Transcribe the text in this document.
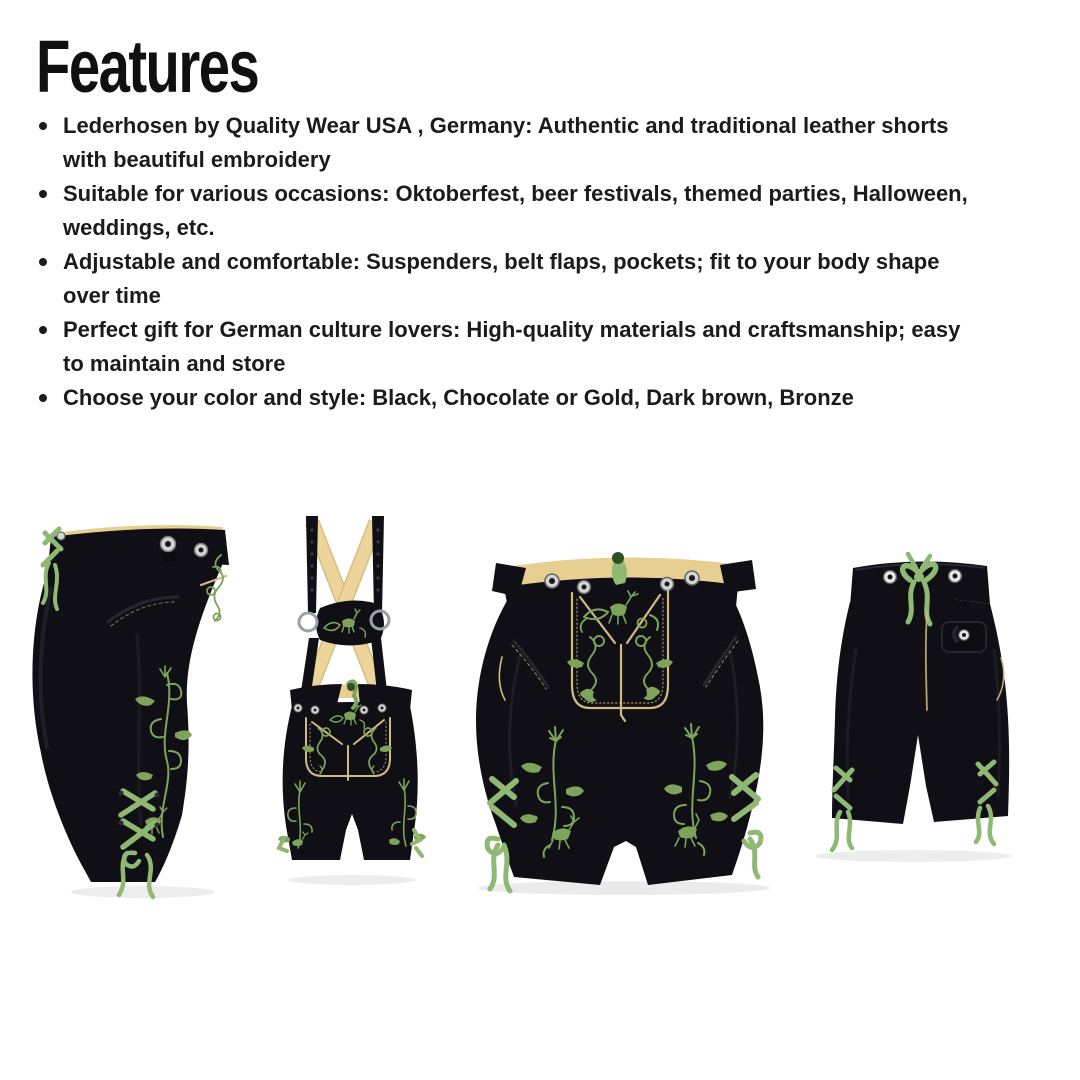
Features
Lederhosen by Quality Wear USA , Germany: Authentic and traditional leather shorts
with beautiful embroidery
Suitable for various occasions: Oktoberfest, beer festivals, themed parties, Halloween,
weddings, etc.
Adjustable and comfortable: Suspenders, belt flaps, pockets; fit to your body shape
over time
Perfect gift for German culture lovers: High-quality materials and craftsmanship; easy
to maintain and store
Choose your color and style: Black, Chocolate or Gold, Dark brown, Bronze
